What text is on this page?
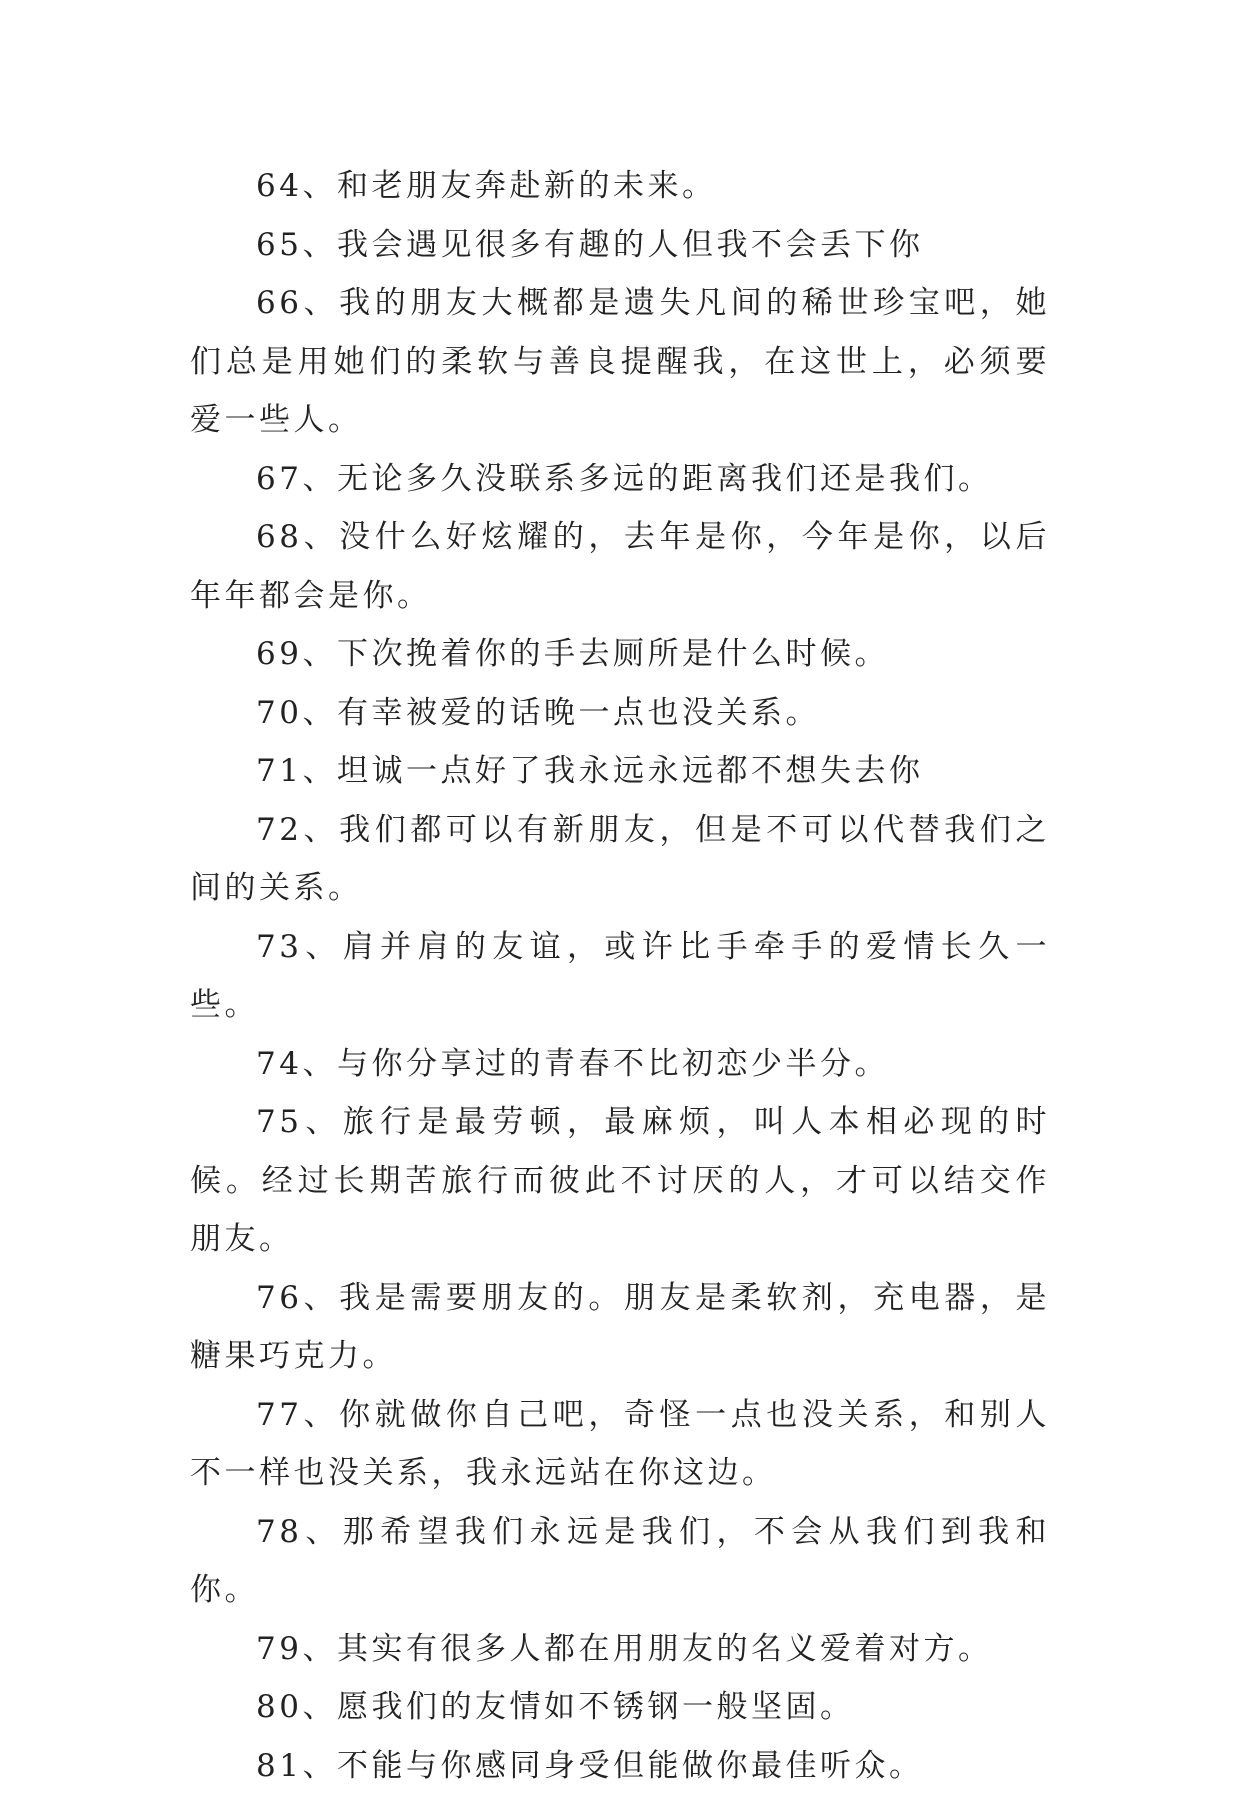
64、和老朋友奔赴新的未来。

65、我会遇见很多有趣的人但我不会丢下你

66、我的朋友大概都是遗失凡间的稀世珍宝吧，她们总是用她们的柔软与善良提醒我，在这世上，必须要爱一些人。

67、无论多久没联系多远的距离我们还是我们。

68、没什么好炫耀的，去年是你，今年是你，以后年年都会是你。

69、下次挽着你的手去厕所是什么时候。

70、有幸被爱的话晚一点也没关系。

71、坦诚一点好了我永远永远都不想失去你

72、我们都可以有新朋友，但是不可以代替我们之间的关系。

73、肩并肩的友谊，或许比手牵手的爱情长久一些。

74、与你分享过的青春不比初恋少半分。

75、旅行是最劳顿，最麻烦，叫人本相必现的时候。经过长期苦旅行而彼此不讨厌的人，才可以结交作朋友。

76、我是需要朋友的。朋友是柔软剂，充电器，是糖果巧克力。

77、你就做你自己吧，奇怪一点也没关系，和别人不一样也没关系，我永远站在你这边。

78、那希望我们永远是我们，不会从我们到我和你。

79、其实有很多人都在用朋友的名义爱着对方。

80、愿我们的友情如不锈钢一般坚固。

81、不能与你感同身受但能做你最佳听众。
